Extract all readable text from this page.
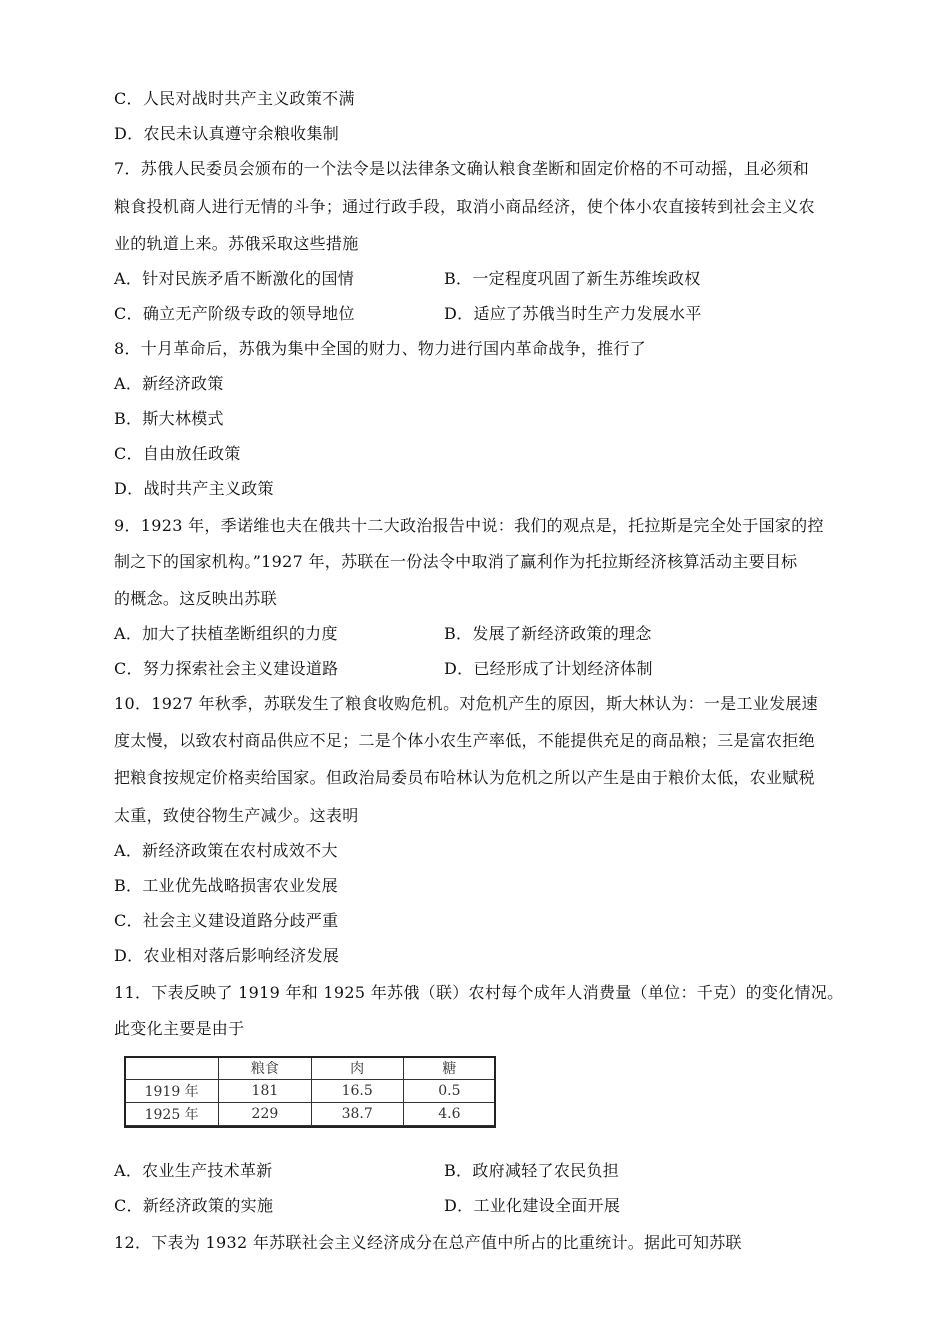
C．人民对战时共产主义政策不满
D．农民未认真遵守余粮收集制
7．苏俄人民委员会颁布的一个法令是以法律条文确认粮食垄断和固定价格的不可动摇，且必须和
粮食投机商人进行无情的斗争；通过行政手段，取消小商品经济，使个体小农直接转到社会主义农
业的轨道上来。苏俄采取这些措施
A．针对民族矛盾不断激化的国情	B．一定程度巩固了新生苏维埃政权
C．确立无产阶级专政的领导地位	D．适应了苏俄当时生产力发展水平
8．十月革命后，苏俄为集中全国的财力、物力进行国内革命战争，推行了
A．新经济政策
B．斯大林模式
C．自由放任政策
D．战时共产主义政策
9．1923 年，季诺维也夫在俄共十二大政治报告中说：我们的观点是，托拉斯是完全处于国家的控
制之下的国家机构。”1927 年，苏联在一份法令中取消了赢利作为托拉斯经济核算活动主要目标
的概念。这反映出苏联
A．加大了扶植垄断组织的力度	B．发展了新经济政策的理念
C．努力探索社会主义建设道路	D．已经形成了计划经济体制
10．1927 年秋季，苏联发生了粮食收购危机。对危机产生的原因，斯大林认为：一是工业发展速
度太慢，以致农村商品供应不足；二是个体小农生产率低，不能提供充足的商品粮；三是富农拒绝
把粮食按规定价格卖给国家。但政治局委员布哈林认为危机之所以产生是由于粮价太低，农业赋税
太重，致使谷物生产减少。这表明
A．新经济政策在农村成效不大
B．工业优先战略损害农业发展
C．社会主义建设道路分歧严重
D．农业相对落后影响经济发展
11．下表反映了 1919 年和 1925 年苏俄（联）农村每个成年人消费量（单位：千克）的变化情况。
此变化主要是由于
	粮食	肉	糖
1919 年	181	16.5	0.5
1925 年	229	38.7	4.6
A．农业生产技术革新	B．政府减轻了农民负担
C．新经济政策的实施	D．工业化建设全面开展
12．下表为 1932 年苏联社会主义经济成分在总产值中所占的比重统计。据此可知苏联
